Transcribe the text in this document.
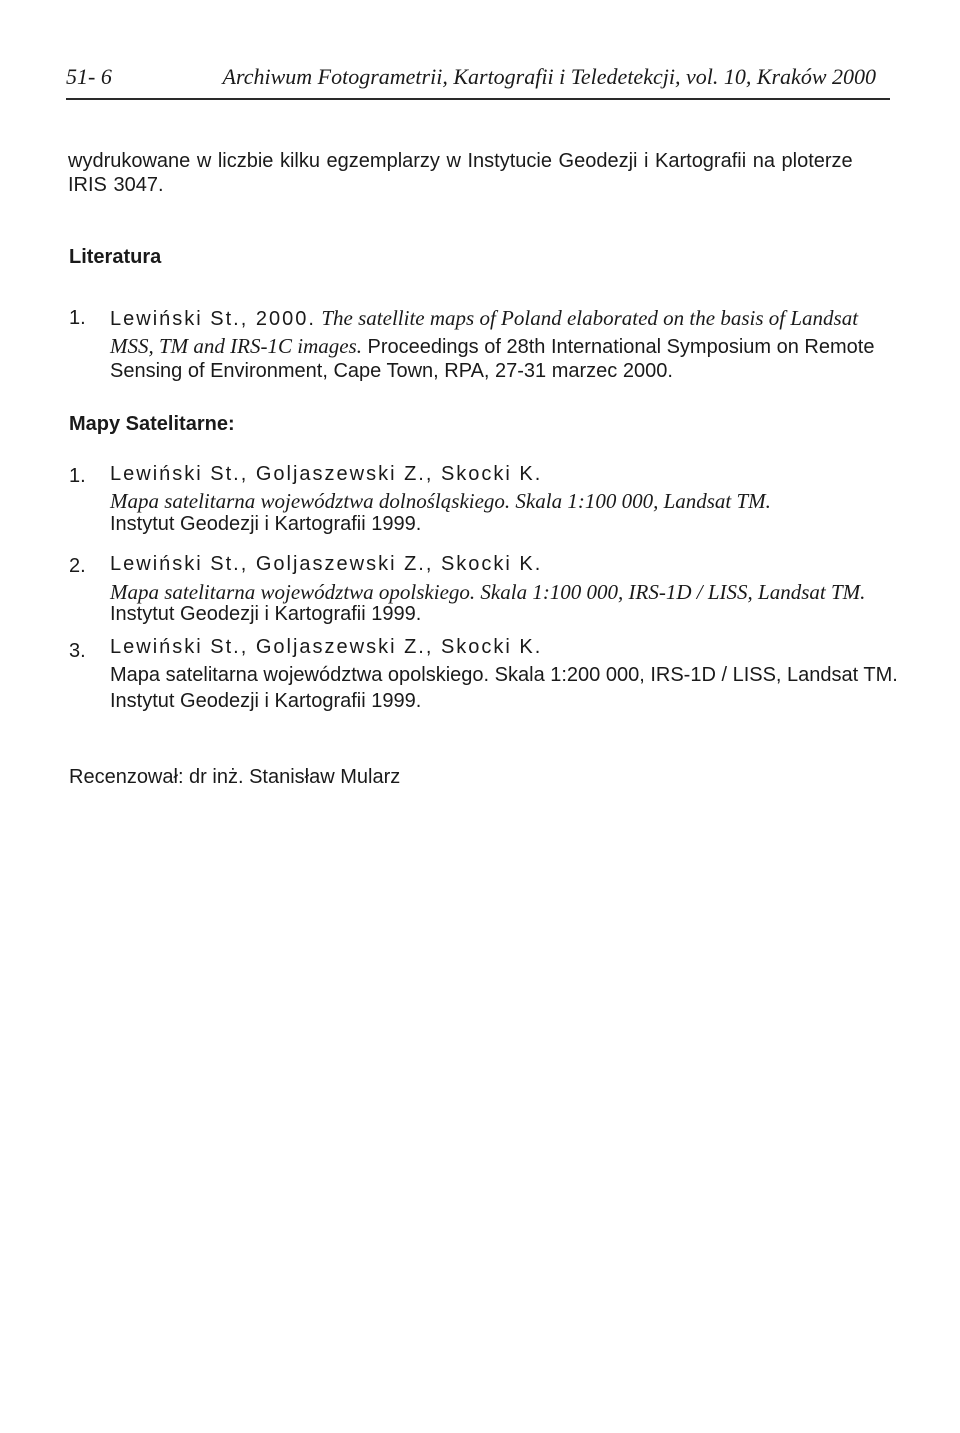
51- 6	Archiwum Fotogrametrii, Kartografii i Teledetekcji, vol. 10, Kraków 2000
wydrukowane w liczbie kilku egzemplarzy w Instytucie Geodezji i Kartografii na ploterze IRIS 3047.
Literatura
1. Lewiński St., 2000. The satellite maps of Poland elaborated on the basis of Landsat
MSS, TM and IRS-1C images. Proceedings of 28th International Symposium on Remote
Sensing of Environment, Cape Town, RPA, 27-31 marzec 2000.
Mapy Satelitarne:
1. Lewiński St., Goljaszewski Z., Skocki K.
Mapa satelitarna województwa dolnośląskiego. Skala 1:100 000, Landsat TM.
Instytut Geodezji i Kartografii 1999.
2. Lewiński St., Goljaszewski Z., Skocki K.
Mapa satelitarna województwa opolskiego. Skala 1:100 000, IRS-1D / LISS, Landsat TM.
Instytut Geodezji i Kartografii 1999.
3. Lewiński St., Goljaszewski Z., Skocki K.
Mapa satelitarna województwa opolskiego. Skala 1:200 000, IRS-1D / LISS, Landsat TM.
Instytut Geodezji i Kartografii 1999.
Recenzował: dr inż. Stanisław Mularz
